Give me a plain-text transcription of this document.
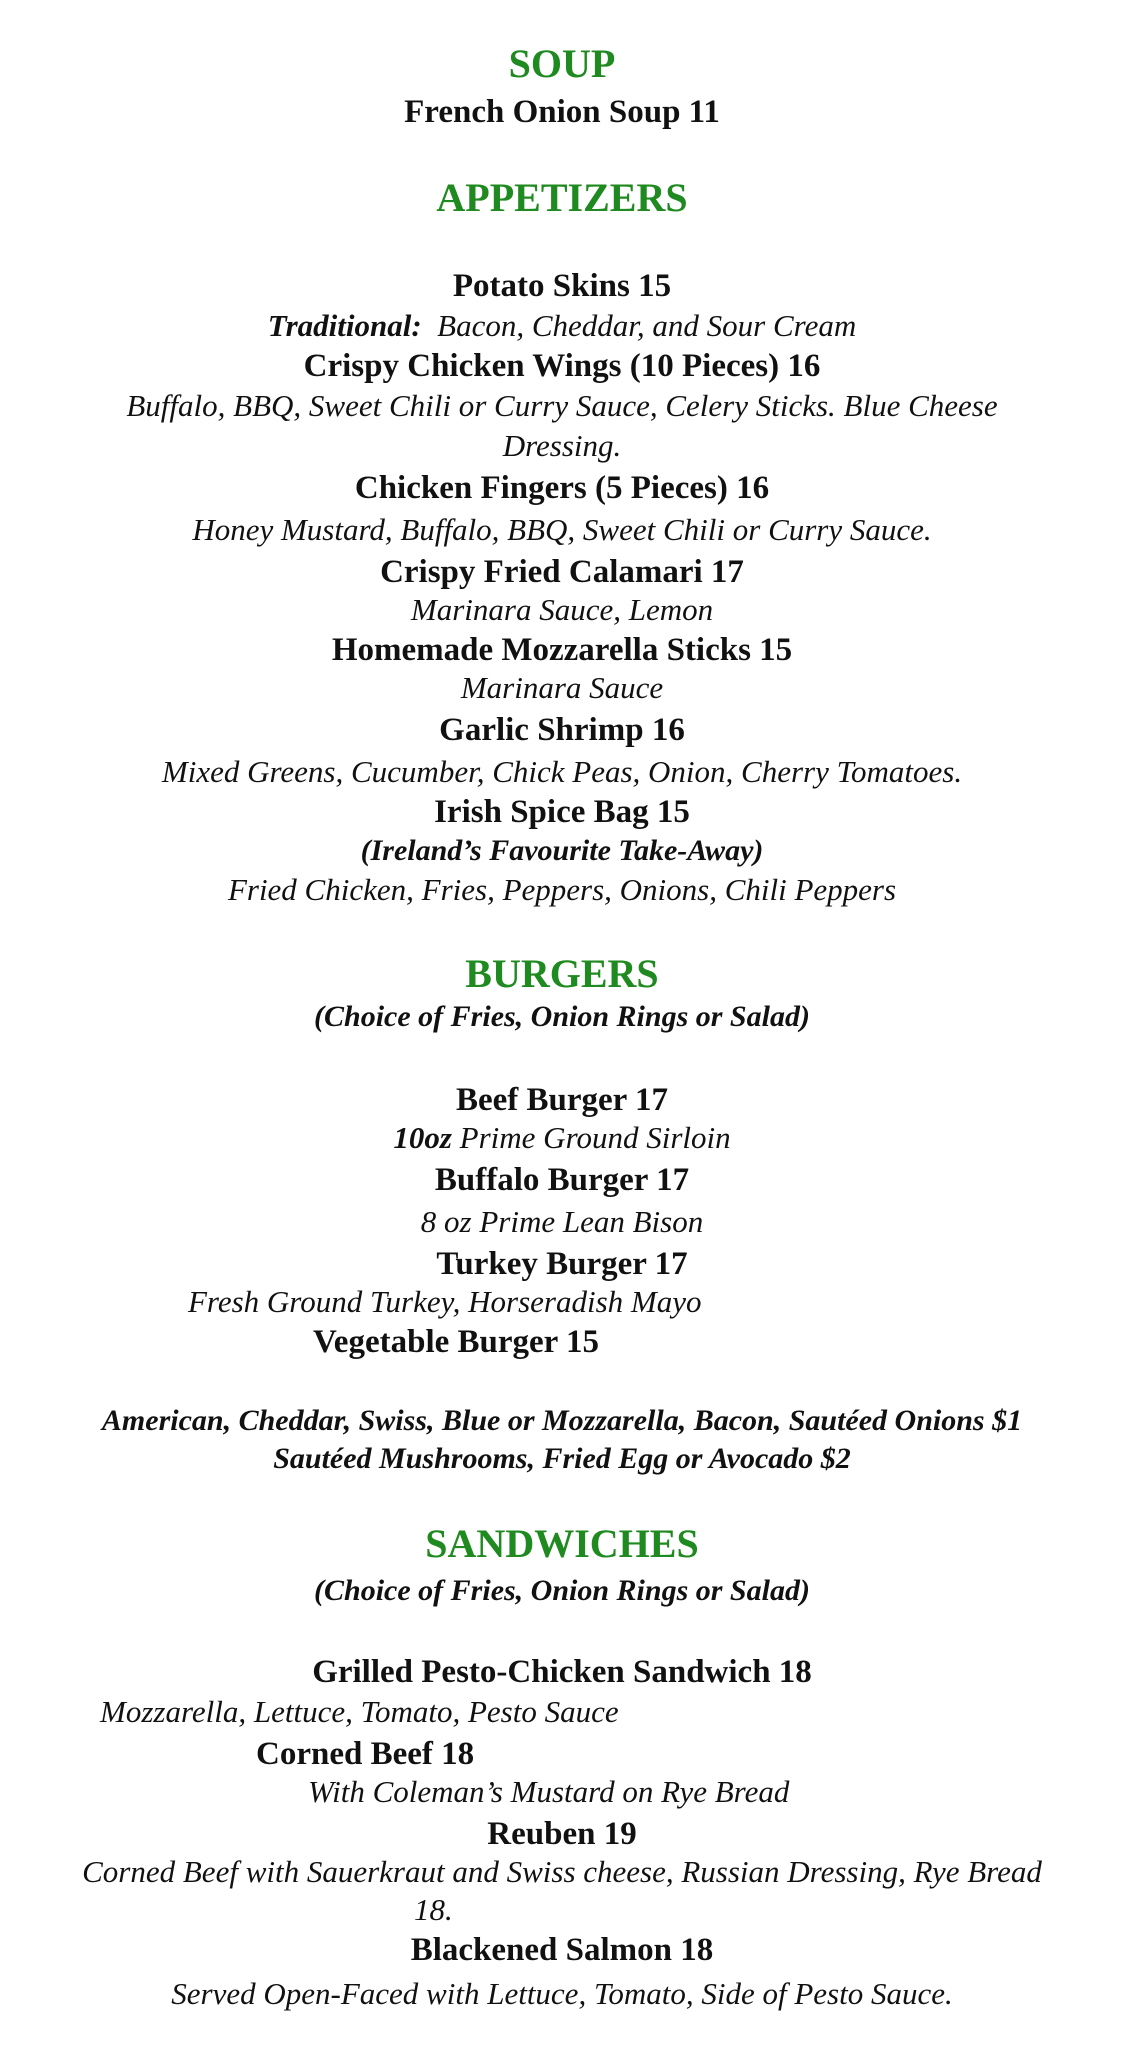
SOUP
French Onion Soup 11
APPETIZERS
Potato Skins 15
Traditional: Bacon, Cheddar, and Sour Cream
Crispy Chicken Wings (10 Pieces) 16
Buffalo, BBQ, Sweet Chili or Curry Sauce, Celery Sticks. Blue Cheese
Dressing.
Chicken Fingers (5 Pieces) 16
Honey Mustard, Buffalo, BBQ, Sweet Chili or Curry Sauce.
Crispy Fried Calamari 17
Marinara Sauce, Lemon
Homemade Mozzarella Sticks 15
Marinara Sauce
Garlic Shrimp 16
Mixed Greens, Cucumber, Chick Peas, Onion, Cherry Tomatoes.
Irish Spice Bag 15
(Ireland’s Favourite Take-Away)
Fried Chicken, Fries, Peppers, Onions, Chili Peppers
BURGERS
(Choice of Fries, Onion Rings or Salad)
Beef Burger 17
10oz Prime Ground Sirloin
Buffalo Burger 17
8 oz Prime Lean Bison
Turkey Burger 17
Fresh Ground Turkey, Horseradish Mayo
Vegetable Burger 15
American, Cheddar, Swiss, Blue or Mozzarella, Bacon, Sautéed Onions $1
Sautéed Mushrooms, Fried Egg or Avocado $2
SANDWICHES
(Choice of Fries, Onion Rings or Salad)
Grilled Pesto-Chicken Sandwich 18
Mozzarella, Lettuce, Tomato, Pesto Sauce
Corned Beef 18
With Coleman’s Mustard on Rye Bread
Reuben 19
Corned Beef with Sauerkraut and Swiss cheese, Russian Dressing, Rye Bread
18.
Blackened Salmon 18
Served Open-Faced with Lettuce, Tomato, Side of Pesto Sauce.
